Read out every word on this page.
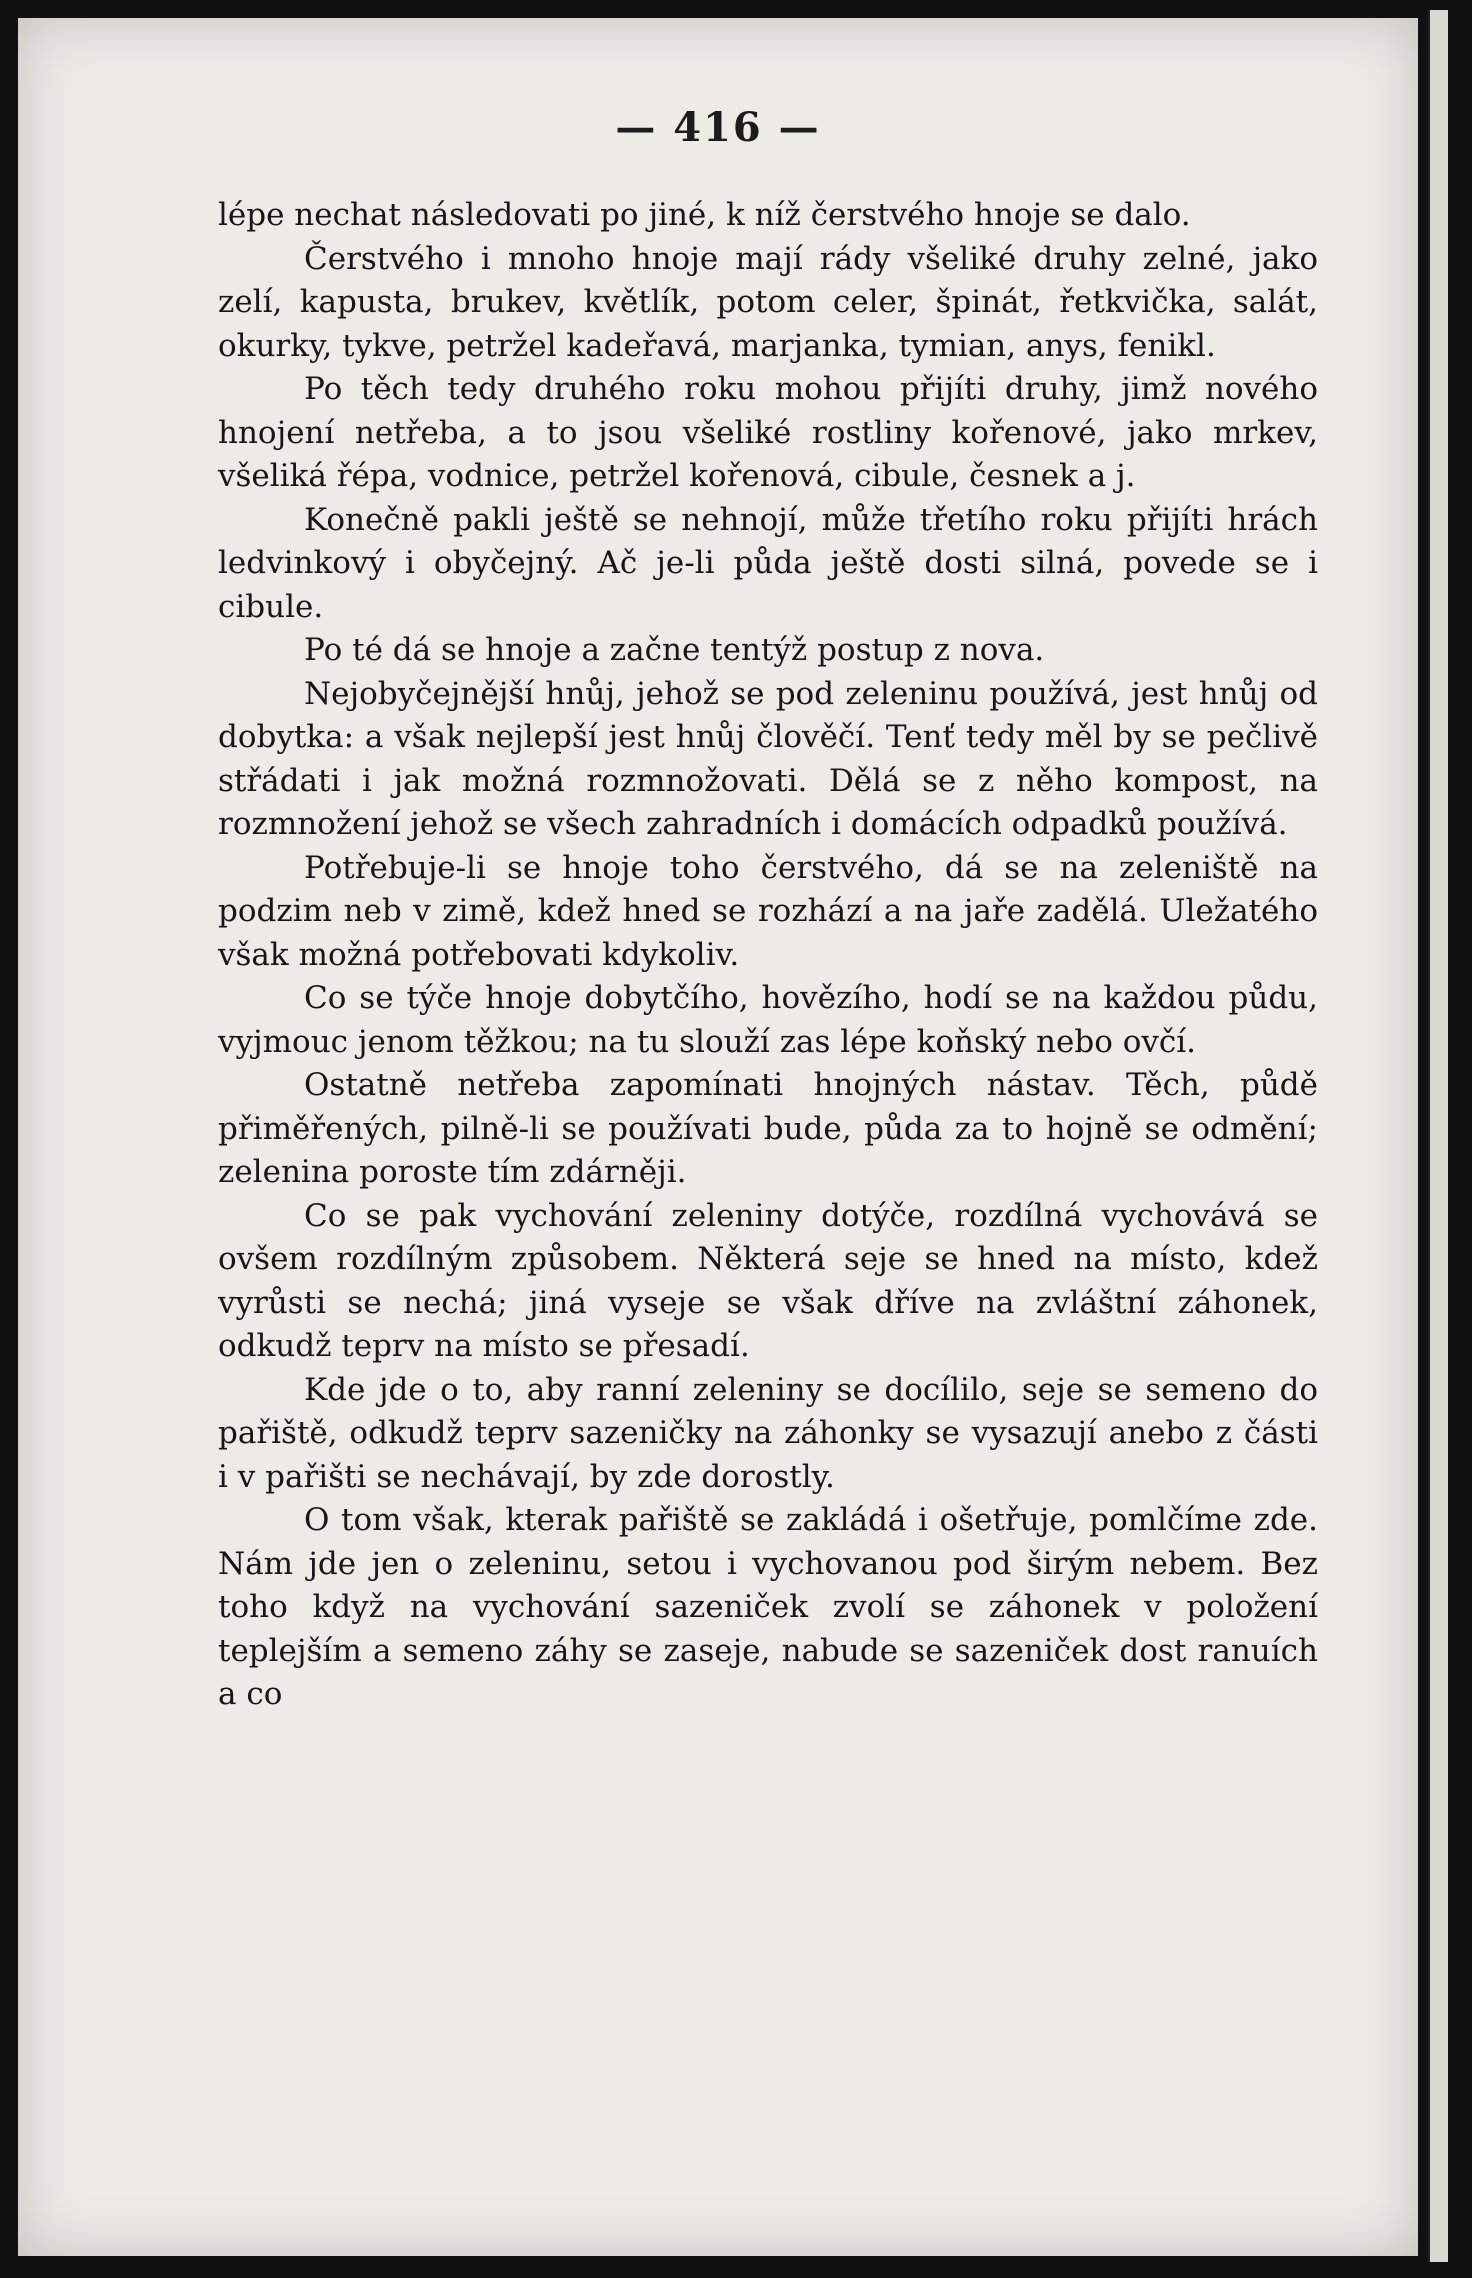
— 416 —

lépe nechat následovati po jiné, k níž čerstvého hnoje se dalo.

Čerstvého i mnoho hnoje mají rády všeliké druhy zelné, jako zelí, kapusta, brukev, květlík, potom celer, špinát, řetkvička, salát, okurky, tykve, petržel kadeřavá, marjanka, tymian, anys, fenikl.

Po těch tedy druhého roku mohou přijíti druhy, jimž nového hnojení netřeba, a to jsou všeliké rostliny kořenové, jako mrkev, všeliká řépa, vodnice, petržel kořenová, cibule, česnek a j.

Konečně pakli ještě se nehnojí, může třetího roku přijíti hrách ledvinkový i obyčejný. Ač je-li půda ještě dosti silná, povede se i cibule.

Po té dá se hnoje a začne tentýž postup z nova.

Nejobyčejnější hnůj, jehož se pod zeleninu používá, jest hnůj od dobytka: a však nejlepší jest hnůj člověčí. Tenť tedy měl by se pečlivě střádati i jak možná rozmnožovati. Dělá se z něho kompost, na rozmnožení jehož se všech zahradních i domácích odpadků používá.

Potřebuje-li se hnoje toho čerstvého, dá se na zeleniště na podzim neb v zimě, kdež hned se rozhází a na jaře zadělá. Uležatého však možná potřebovati kdykoliv.

Co se týče hnoje dobytčího, hovězího, hodí se na každou půdu, vyjmouc jenom těžkou; na tu slouží zas lépe koňský nebo ovčí.

Ostatně netřeba zapomínati hnojných nástav. Těch, půdě přiměřených, pilně-li se používati bude, půda za to hojně se odmění; zelenina poroste tím zdárněji.

Co se pak vychování zeleniny dotýče, rozdílná vychovává se ovšem rozdílným způsobem. Některá seje se hned na místo, kdež vyrůsti se nechá; jiná vyseje se však dříve na zvláštní záhonek, odkudž teprv na místo se přesadí.

Kde jde o to, aby ranní zeleniny se docílilo, seje se semeno do pařiště, odkudž teprv sazeničky na záhonky se vysazují anebo z části i v pařišti se nechávají, by zde dorostly.

O tom však, kterak pařiště se zakládá i ošetřuje, pomlčíme zde. Nám jde jen o zeleninu, setou i vychovanou pod širým nebem. Bez toho když na vychování sazeniček zvolí se záhonek v položení teplejším a semeno záhy se zaseje, nabude se sazeniček dost ranuích a co
